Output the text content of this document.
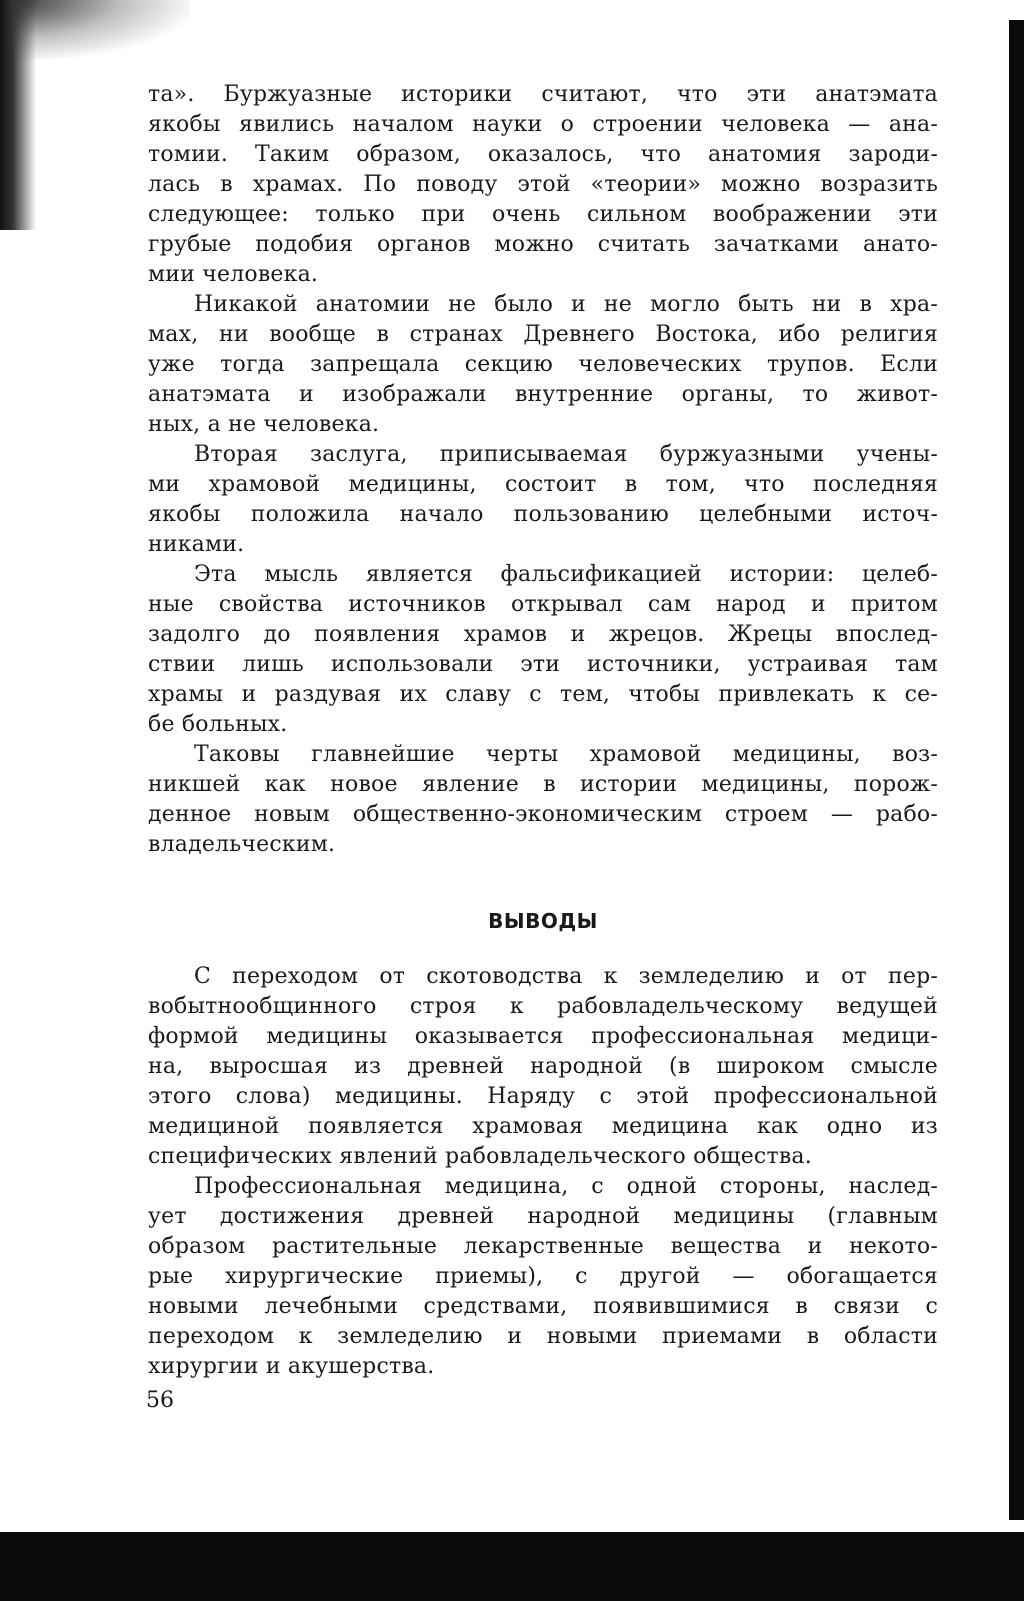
та». Буржуазные историки считают, что эти анатэмата
якобы явились началом науки о строении человека — ана-
томии. Таким образом, оказалось, что анатомия зароди-
лась в храмах. По поводу этой «теории» можно возразить
следующее: только при очень сильном воображении эти
грубые подобия органов можно считать зачатками анато-
мии человека.

Никакой анатомии не было и не могло быть ни в хра-
мах, ни вообще в странах Древнего Востока, ибо религия
уже тогда запрещала секцию человеческих трупов. Если
анатэмата и изображали внутренние органы, то живот-
ных, а не человека.

Вторая заслуга, приписываемая буржуазными учены-
ми храмовой медицины, состоит в том, что последняя
якобы положила начало пользованию целебными источ-
никами.

Эта мысль является фальсификацией истории: целеб-
ные свойства источников открывал сам народ и притом
задолго до появления храмов и жрецов. Жрецы впослед-
ствии лишь использовали эти источники, устраивая там
храмы и раздувая их славу с тем, чтобы привлекать к се-
бе больных.

Таковы главнейшие черты храмовой медицины, воз-
никшей как новое явление в истории медицины, порож-
денное новым общественно-экономическим строем — рабо-
владельческим.

ВЫВОДЫ

С переходом от скотоводства к земледелию и от пер-
вобытнообщинного строя к рабовладельческому ведущей
формой медицины оказывается профессиональная медици-
на, выросшая из древней народной (в широком смысле
этого слова) медицины. Наряду с этой профессиональной
медициной появляется храмовая медицина как одно из
специфических явлений рабовладельческого общества.

Профессиональная медицина, с одной стороны, наслед-
ует достижения древней народной медицины (главным
образом растительные лекарственные вещества и некото-
рые хирургические приемы), с другой — обогащается
новыми лечебными средствами, появившимися в связи с
переходом к земледелию и новыми приемами в области
хирургии и акушерства.

56
